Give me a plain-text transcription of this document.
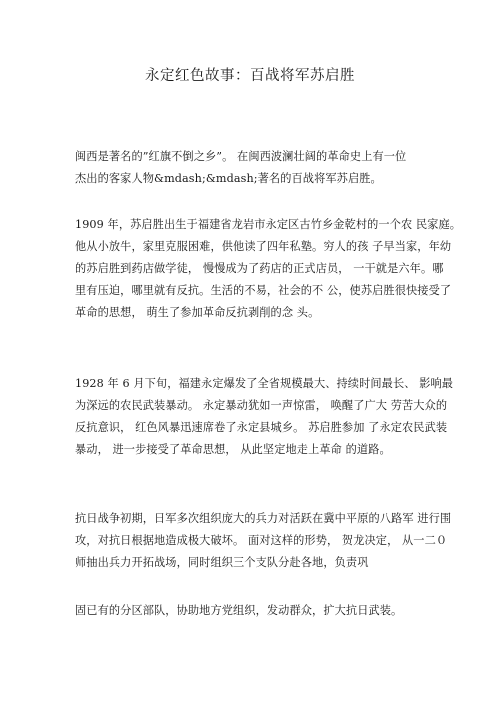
永定红色故事：百战将军苏启胜
闽西是著名的”红旗不倒之乡”。 在闽西波澜壮阔的革命史上有一位
杰出的客家人物&mdash;&mdash;著名的百战将军苏启胜。
1909 年，苏启胜出生于福建省龙岩市永定区古竹乡金乾村的一个农 民家庭。
他从小放牛，家里克服困难，供他读了四年私塾。穷人的孩 子早当家，年幼
的苏启胜到药店做学徒， 慢慢成为了药店的正式店员， 一干就是六年。哪
里有压迫，哪里就有反抗。生活的不易，社会的不 公，使苏启胜很快接受了
革命的思想， 萌生了参加革命反抗剥削的念 头。
1928 年 6 月下旬，福建永定爆发了全省规模最大、持续时间最长、 影响最
为深远的农民武装暴动。 永定暴动犹如一声惊雷， 唤醒了广大 劳苦大众的
反抗意识， 红色风暴迅速席卷了永定县城乡。 苏启胜参加 了永定农民武装
暴动， 进一步接受了革命思想， 从此坚定地走上革命 的道路。
抗日战争初期，日军多次组织庞大的兵力对活跃在冀中平原的八路军 进行围
攻，对抗日根据地造成极大破坏。 面对这样的形势， 贺龙决定， 从一二０
师抽出兵力开拓战场，同时组织三个支队分赴各地，负责巩
固已有的分区部队，协助地方党组织，发动群众，扩大抗日武装。
